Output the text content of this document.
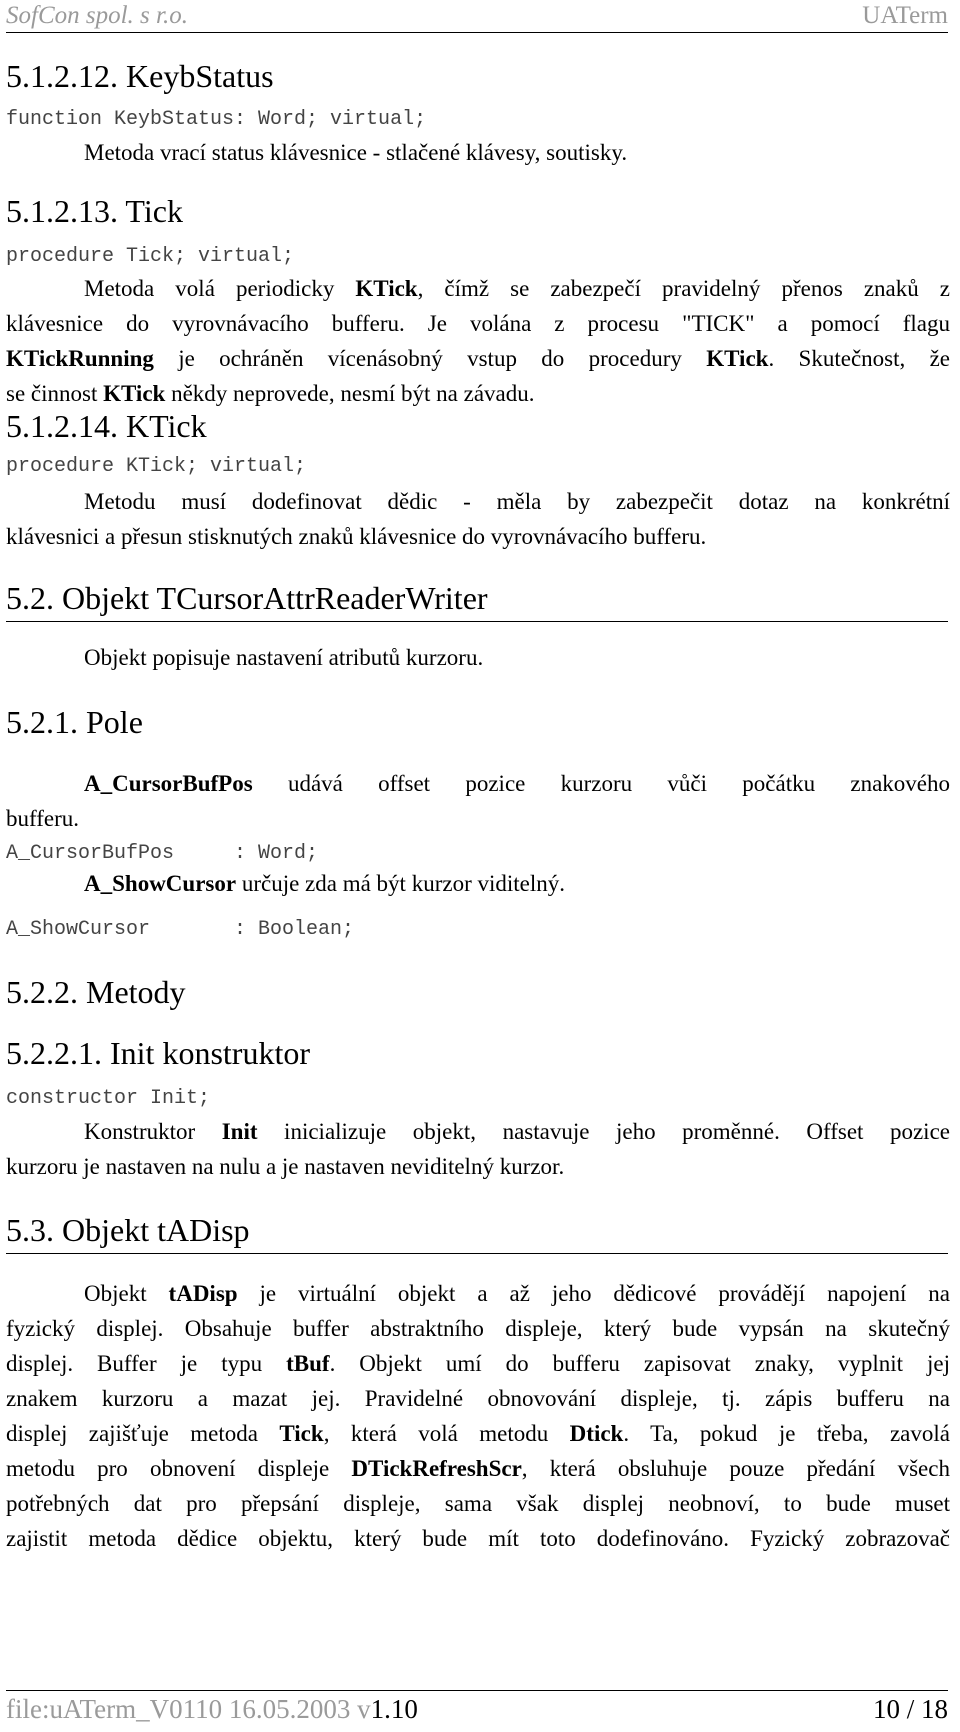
SofCon spol. s r.o.	UATerm
5.1.2.12. KeybStatus
function KeybStatus: Word; virtual;
Metoda vrací status klávesnice - stlačené klávesy, soutisky.
5.1.2.13. Tick
procedure Tick; virtual;
Metoda volá periodicky KTick, čímž se zabezpečí pravidelný přenos znaků z
klávesnice do vyrovnávacího bufferu. Je volána z procesu "TICK" a pomocí flagu
KTickRunning je ochráněn vícenásobný vstup do procedury KTick. Skutečnost, že
se činnost KTick někdy neprovede, nesmí být na závadu.
5.1.2.14. KTick
procedure KTick; virtual;
Metodu musí dodefinovat dědic - měla by zabezpečit dotaz na konkrétní
klávesnici a přesun stisknutých znaků klávesnice do vyrovnávacího bufferu.
5.2. Objekt TCursorAttrReaderWriter
Objekt popisuje nastavení atributů kurzoru.
5.2.1. Pole
A_CursorBufPos udává offset pozice kurzoru vůči počátku znakového
bufferu.
A_CursorBufPos     : Word;
A_ShowCursor určuje zda má být kurzor viditelný.
A_ShowCursor       : Boolean;
5.2.2. Metody
5.2.2.1. Init konstruktor
constructor Init;
Konstruktor Init inicializuje objekt, nastavuje jeho proměnné. Offset pozice
kurzoru je nastaven na nulu a je nastaven neviditelný kurzor.
5.3. Objekt tADisp
Objekt tADisp je virtuální objekt a až jeho dědicové provádějí napojení na
fyzický displej. Obsahuje buffer abstraktního displeje, který bude vypsán na skutečný
displej. Buffer je typu tBuf. Objekt umí do bufferu zapisovat znaky, vyplnit jej
znakem kurzoru a mazat jej. Pravidelné obnovování displeje, tj. zápis bufferu na
displej zajišťuje metoda Tick, která volá metodu Dtick. Ta, pokud je třeba, zavolá
metodu pro obnovení displeje DTickRefreshScr, která obsluhuje pouze předání všech
potřebných dat pro přepsání displeje, sama však displej neobnoví, to bude muset
zajistit metoda dědice objektu, který bude mít toto dodefinováno. Fyzický zobrazovač
file:uATerm_V0110 16.05.2003 v1.10	10 / 18
